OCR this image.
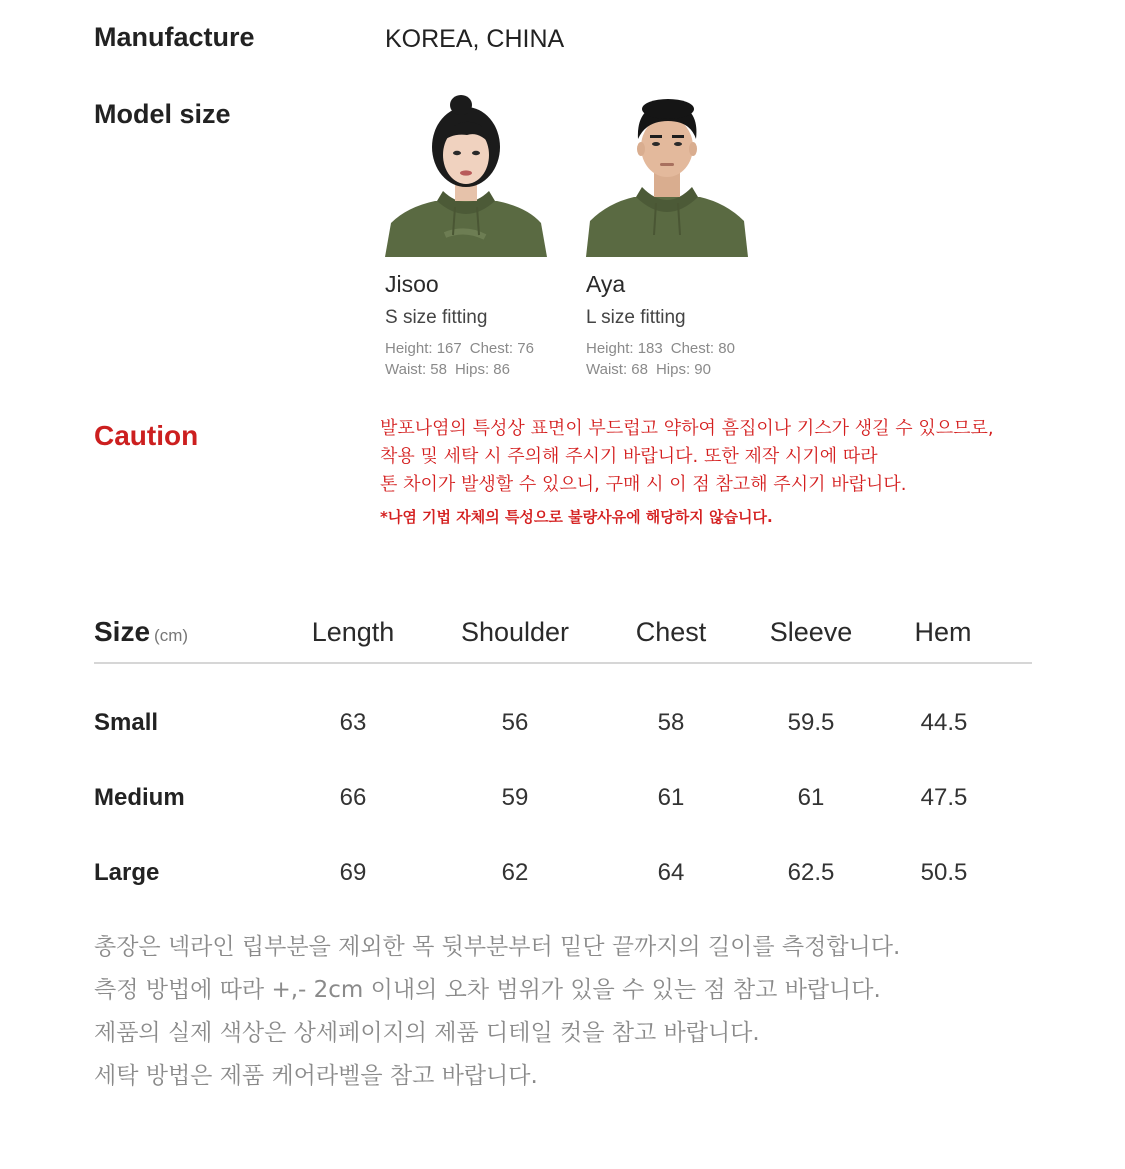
Manufacture	KOREA, CHINA
Model size
Jisoo
S size fitting
Height: 167 Chest: 76
Waist: 58 Hips: 86
Aya
L size fitting
Height: 183 Chest: 80
Waist: 68 Hips: 90
Caution	발포나염의 특성상 표면이 부드럽고 약하여 흠집이나 기스가 생길 수 있으므로,
착용 및 세탁 시 주의해 주시기 바랍니다. 또한 제작 시기에 따라
톤 차이가 발생할 수 있으니, 구매 시 이 점 참고해 주시기 바랍니다.
*나염 기법 자체의 특성으로 불량사유에 해당하지 않습니다.
Size (cm)	Length	Shoulder	Chest	Sleeve	Hem
Small	63	56	58	59.5	44.5
Medium	66	59	61	61	47.5
Large	69	62	64	62.5	50.5
총장은 넥라인 립부분을 제외한 목 뒷부분부터 밑단 끝까지의 길이를 측정합니다.
측정 방법에 따라 +,- 2cm 이내의 오차 범위가 있을 수 있는 점 참고 바랍니다.
제품의 실제 색상은 상세페이지의 제품 디테일 컷을 참고 바랍니다.
세탁 방법은 제품 케어라벨을 참고 바랍니다.
